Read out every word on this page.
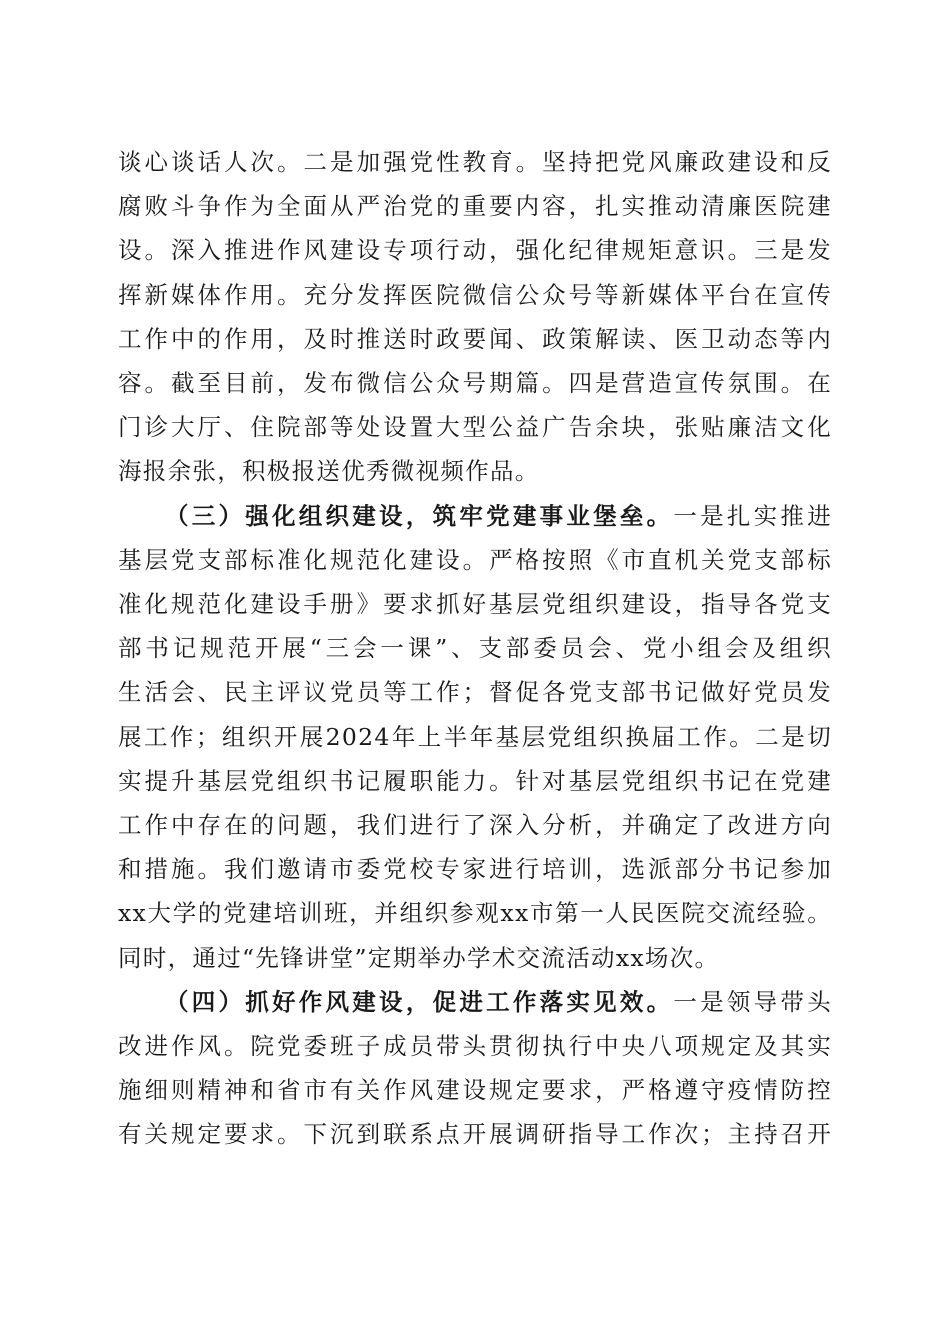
谈心谈话人次。二是加强党性教育。坚持把党风廉政建设和反
腐败斗争作为全面从严治党的重要内容，扎实推动清廉医院建
设。深入推进作风建设专项行动，强化纪律规矩意识。三是发
挥新媒体作用。充分发挥医院微信公众号等新媒体平台在宣传
工作中的作用，及时推送时政要闻、政策解读、医卫动态等内
容。截至目前，发布微信公众号期篇。四是营造宣传氛围。在
门诊大厅、住院部等处设置大型公益广告余块，张贴廉洁文化
海报余张，积极报送优秀微视频作品。
（三）强化组织建设，筑牢党建事业堡垒。一是扎实推进
基层党支部标准化规范化建设。严格按照《市直机关党支部标
准化规范化建设手册》要求抓好基层党组织建设，指导各党支
部书记规范开展“三会一课”、支部委员会、党小组会及组织
生活会、民主评议党员等工作；督促各党支部书记做好党员发
展工作；组织开展2024年上半年基层党组织换届工作。二是切
实提升基层党组织书记履职能力。针对基层党组织书记在党建
工作中存在的问题，我们进行了深入分析，并确定了改进方向
和措施。我们邀请市委党校专家进行培训，选派部分书记参加
xx大学的党建培训班，并组织参观xx市第一人民医院交流经验。
同时，通过“先锋讲堂”定期举办学术交流活动xx场次。
（四）抓好作风建设，促进工作落实见效。一是领导带头
改进作风。院党委班子成员带头贯彻执行中央八项规定及其实
施细则精神和省市有关作风建设规定要求，严格遵守疫情防控
有关规定要求。下沉到联系点开展调研指导工作次；主持召开
